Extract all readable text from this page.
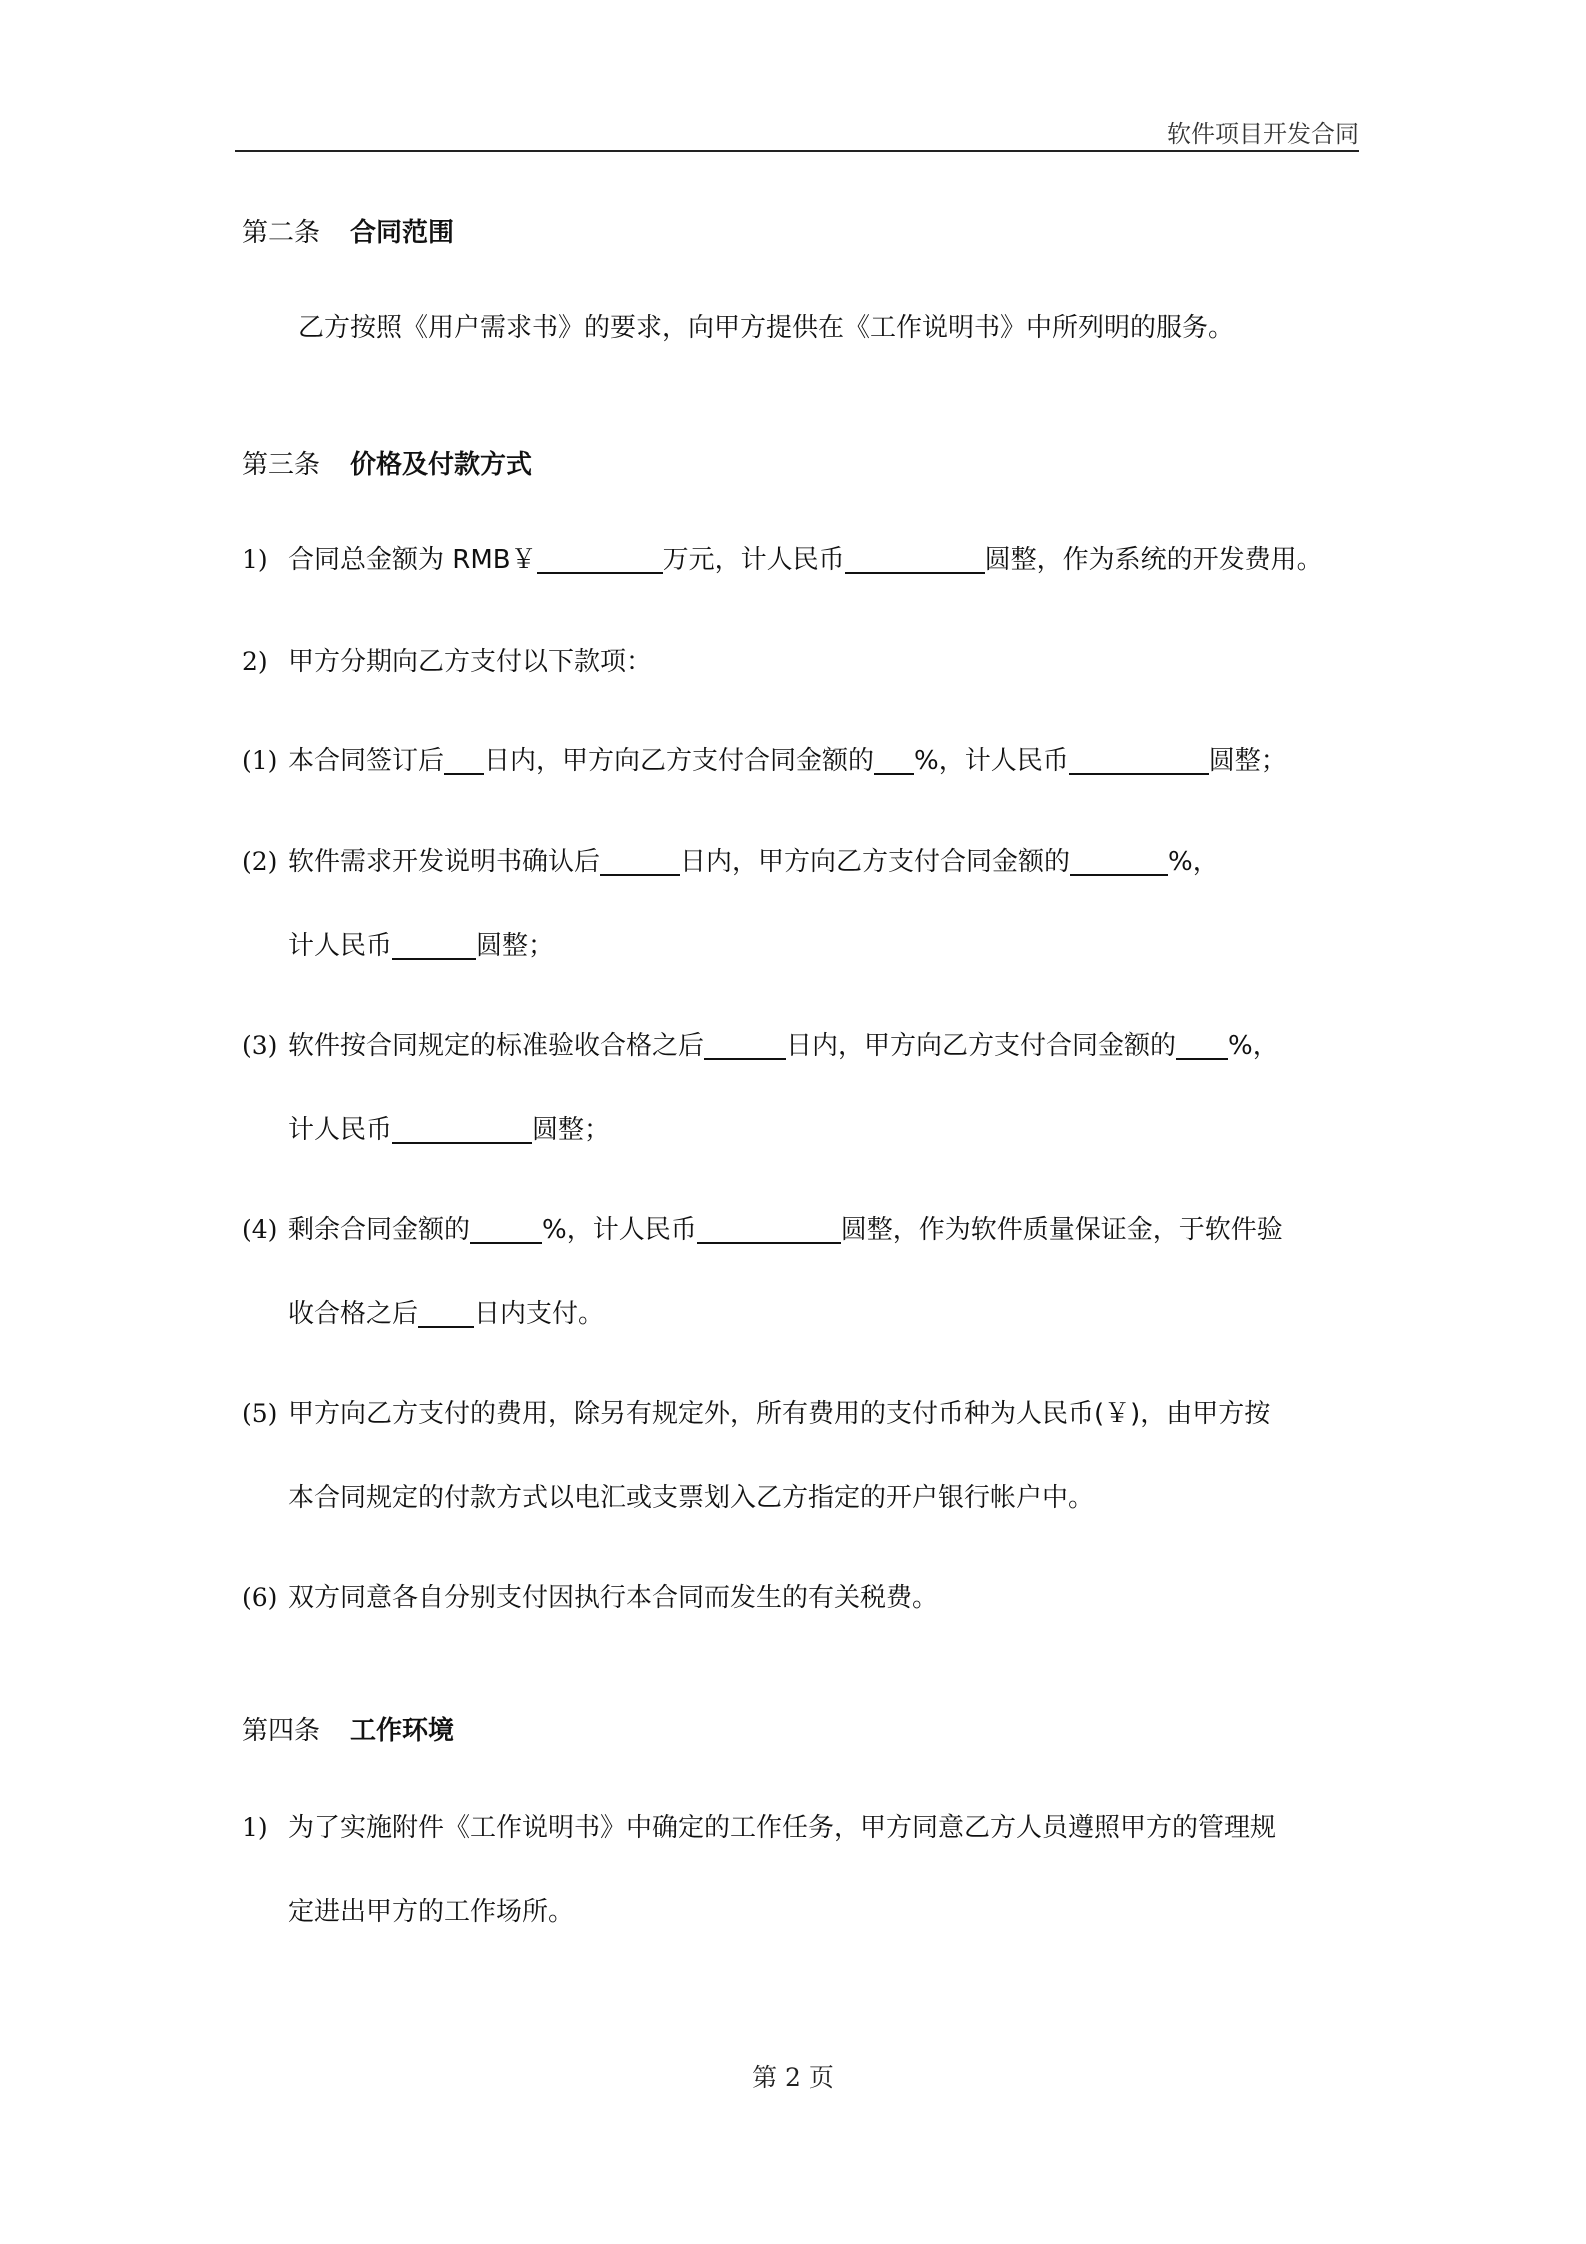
软件项目开发合同
第二条 合同范围
乙方按照《用户需求书》的要求，向甲方提供在《工作说明书》中所列明的服务。
第三条 价格及付款方式
1) 合同总金额为 RMB￥	万元，计人民币	圆整，作为系统的开发费用。
2) 甲方分期向乙方支付以下款项：
(1) 本合同签订后 日内，甲方向乙方支付合同金额的 %，计人民币	圆整；
(2) 软件需求开发说明书确认后	日内，甲方向乙方支付合同金额的	%，
计人民币	圆整；
(3) 软件按合同规定的标准验收合格之后	日内，甲方向乙方支付合同金额的 %，
计人民币	圆整；
(4) 剩余合同金额的	%，计人民币	圆整，作为软件质量保证金，于软件验
收合格之后 日内支付。
(5) 甲方向乙方支付的费用，除另有规定外，所有费用的支付币种为人民币(￥)，由甲方按
本合同规定的付款方式以电汇或支票划入乙方指定的开户银行帐户中。
(6) 双方同意各自分别支付因执行本合同而发生的有关税费。
第四条 工作环境
1) 为了实施附件《工作说明书》中确定的工作任务，甲方同意乙方人员遵照甲方的管理规
定进出甲方的工作场所。
第 2 页
